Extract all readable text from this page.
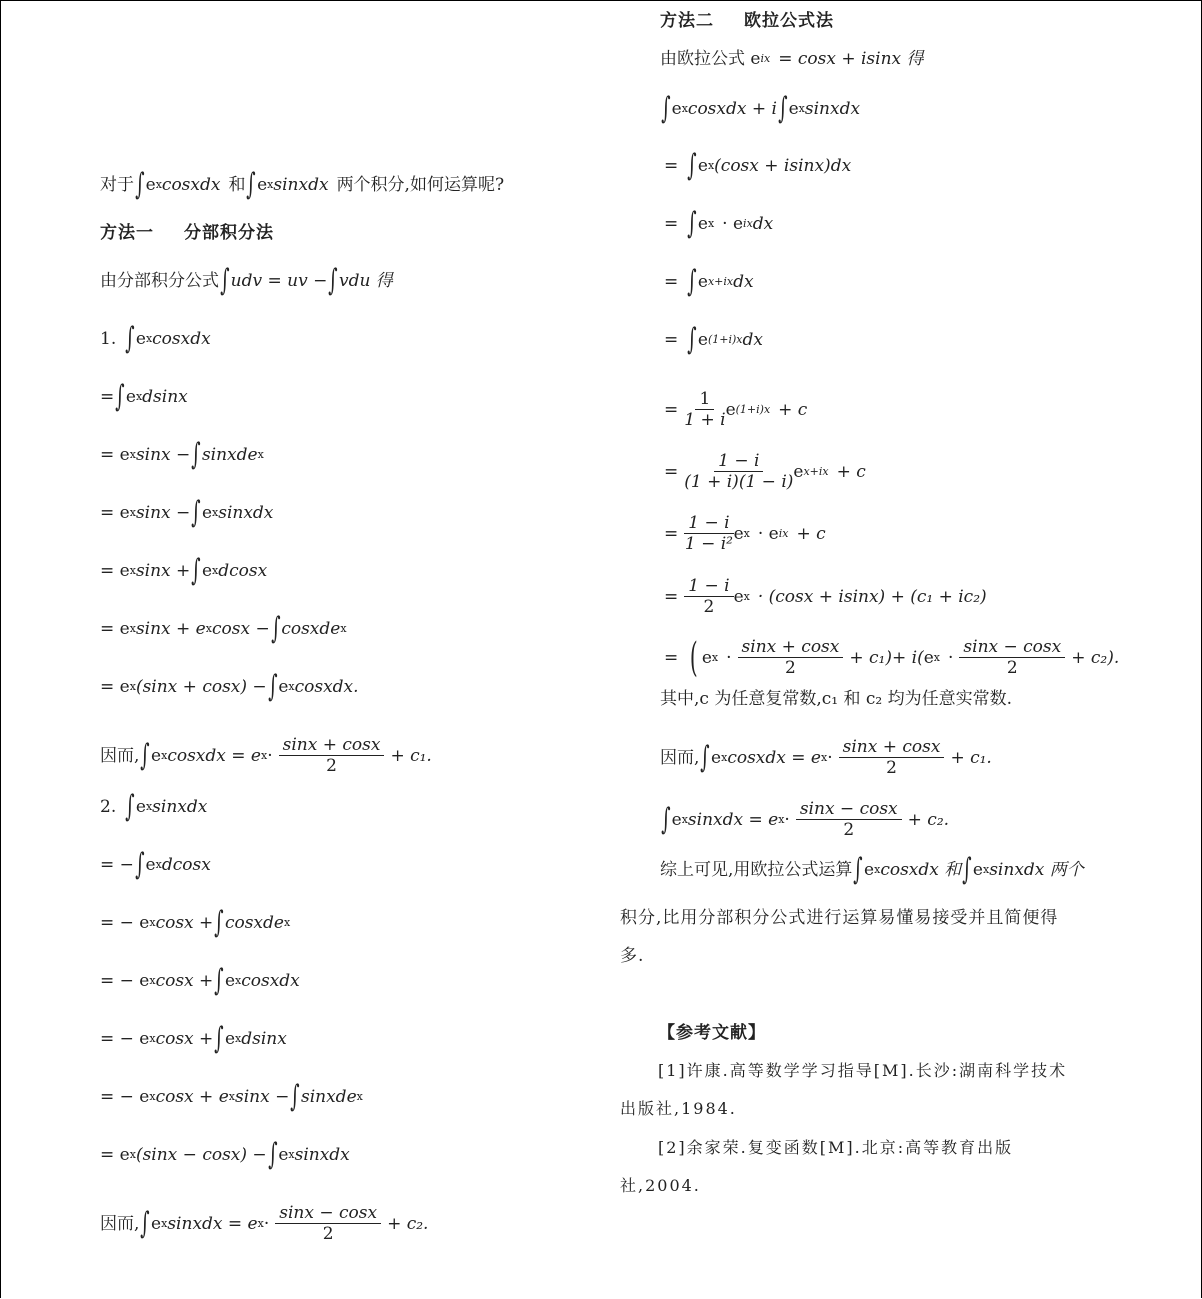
对于 ∫ e x cosxdx 和 ∫ e x sinxdx 两个积分,如何运算呢?
方法一 分部积分法
由分部积分公式 ∫ udv = uv − ∫ vdu 得
1. ∫ e x cosxdx
= ∫ e x dsinx
= e x sinx − ∫ sinxde x
= e x sinx − ∫ e x sinxdx
= e x sinx + ∫ e x dcosx
= e x sinx + e x cosx − ∫ cosxde x
= e x (sinx + cosx) − ∫ e x cosxdx.
因而, ∫ e x cosxdx = e $x \cdot \frac{\sin x + \cos x}{2} + c_1$.
2. ∫ e x sinxdx
= − ∫ e x dcosx
= − e x cosx + ∫ cosxde x
= − e x cosx + ∫ e x cosxdx
= − e x cosx + ∫ e x dsinx
= − e x cosx + e x sinx − ∫ sinxde x
= e x (sinx − cosx) − ∫ e x sinxdx
因而, ∫ e x sinxdx = e $x \cdot \frac{\sin x - \cos x}{2} + c_2$.
方法二 欧拉公式法
由欧拉公式 e ix = cosx + isinx 得
∫ e x cosxdx + i ∫ e x sinxdx
= ∫ e x (cosx + isinx)dx
= ∫ e x · e ix dx
= ∫ e x+ix dx
= ∫ e (1+i)x dx
= $\frac{1}{1 + i}$ e (1+i)x + c
= $\frac{1 - i}{(1 + i)(1 - i)}$ e x+ix + c
= $\frac{1 - i}{\text{1 − i²}}$ e x · e ix + c
= $\frac{1 - i}{2}$ e x · (cosx + isinx) + (c₁ + ic₂)
= ( e $x \cdot \frac{\sin x + \cos x}{2} + c_1) + i$( e $x \cdot \frac{\sin x - \cos x}{2} + c_2$).
其中,c 为任意复常数,c₁ 和 c₂ 均为任意实常数.
因而, ∫ e x cosxdx = e $x \cdot \frac{\sin x + \cos x}{2} + c_1$.
∫ e x sinxdx = e $x \cdot \frac{\sin x - \cos x}{2} + c_2$.
综上可见,用欧拉公式运算 ∫ e x cosxdx 和 ∫ e x sinxdx 两个
积分,比用分部积分公式进行运算易懂易接受并且简便得
多.
【参考文献】
[1]许康.高等数学学习指导[M].长沙:湖南科学技术
出版社,1984.
[2]余家荣.复变函数[M].北京:高等教育出版
社,2004.
